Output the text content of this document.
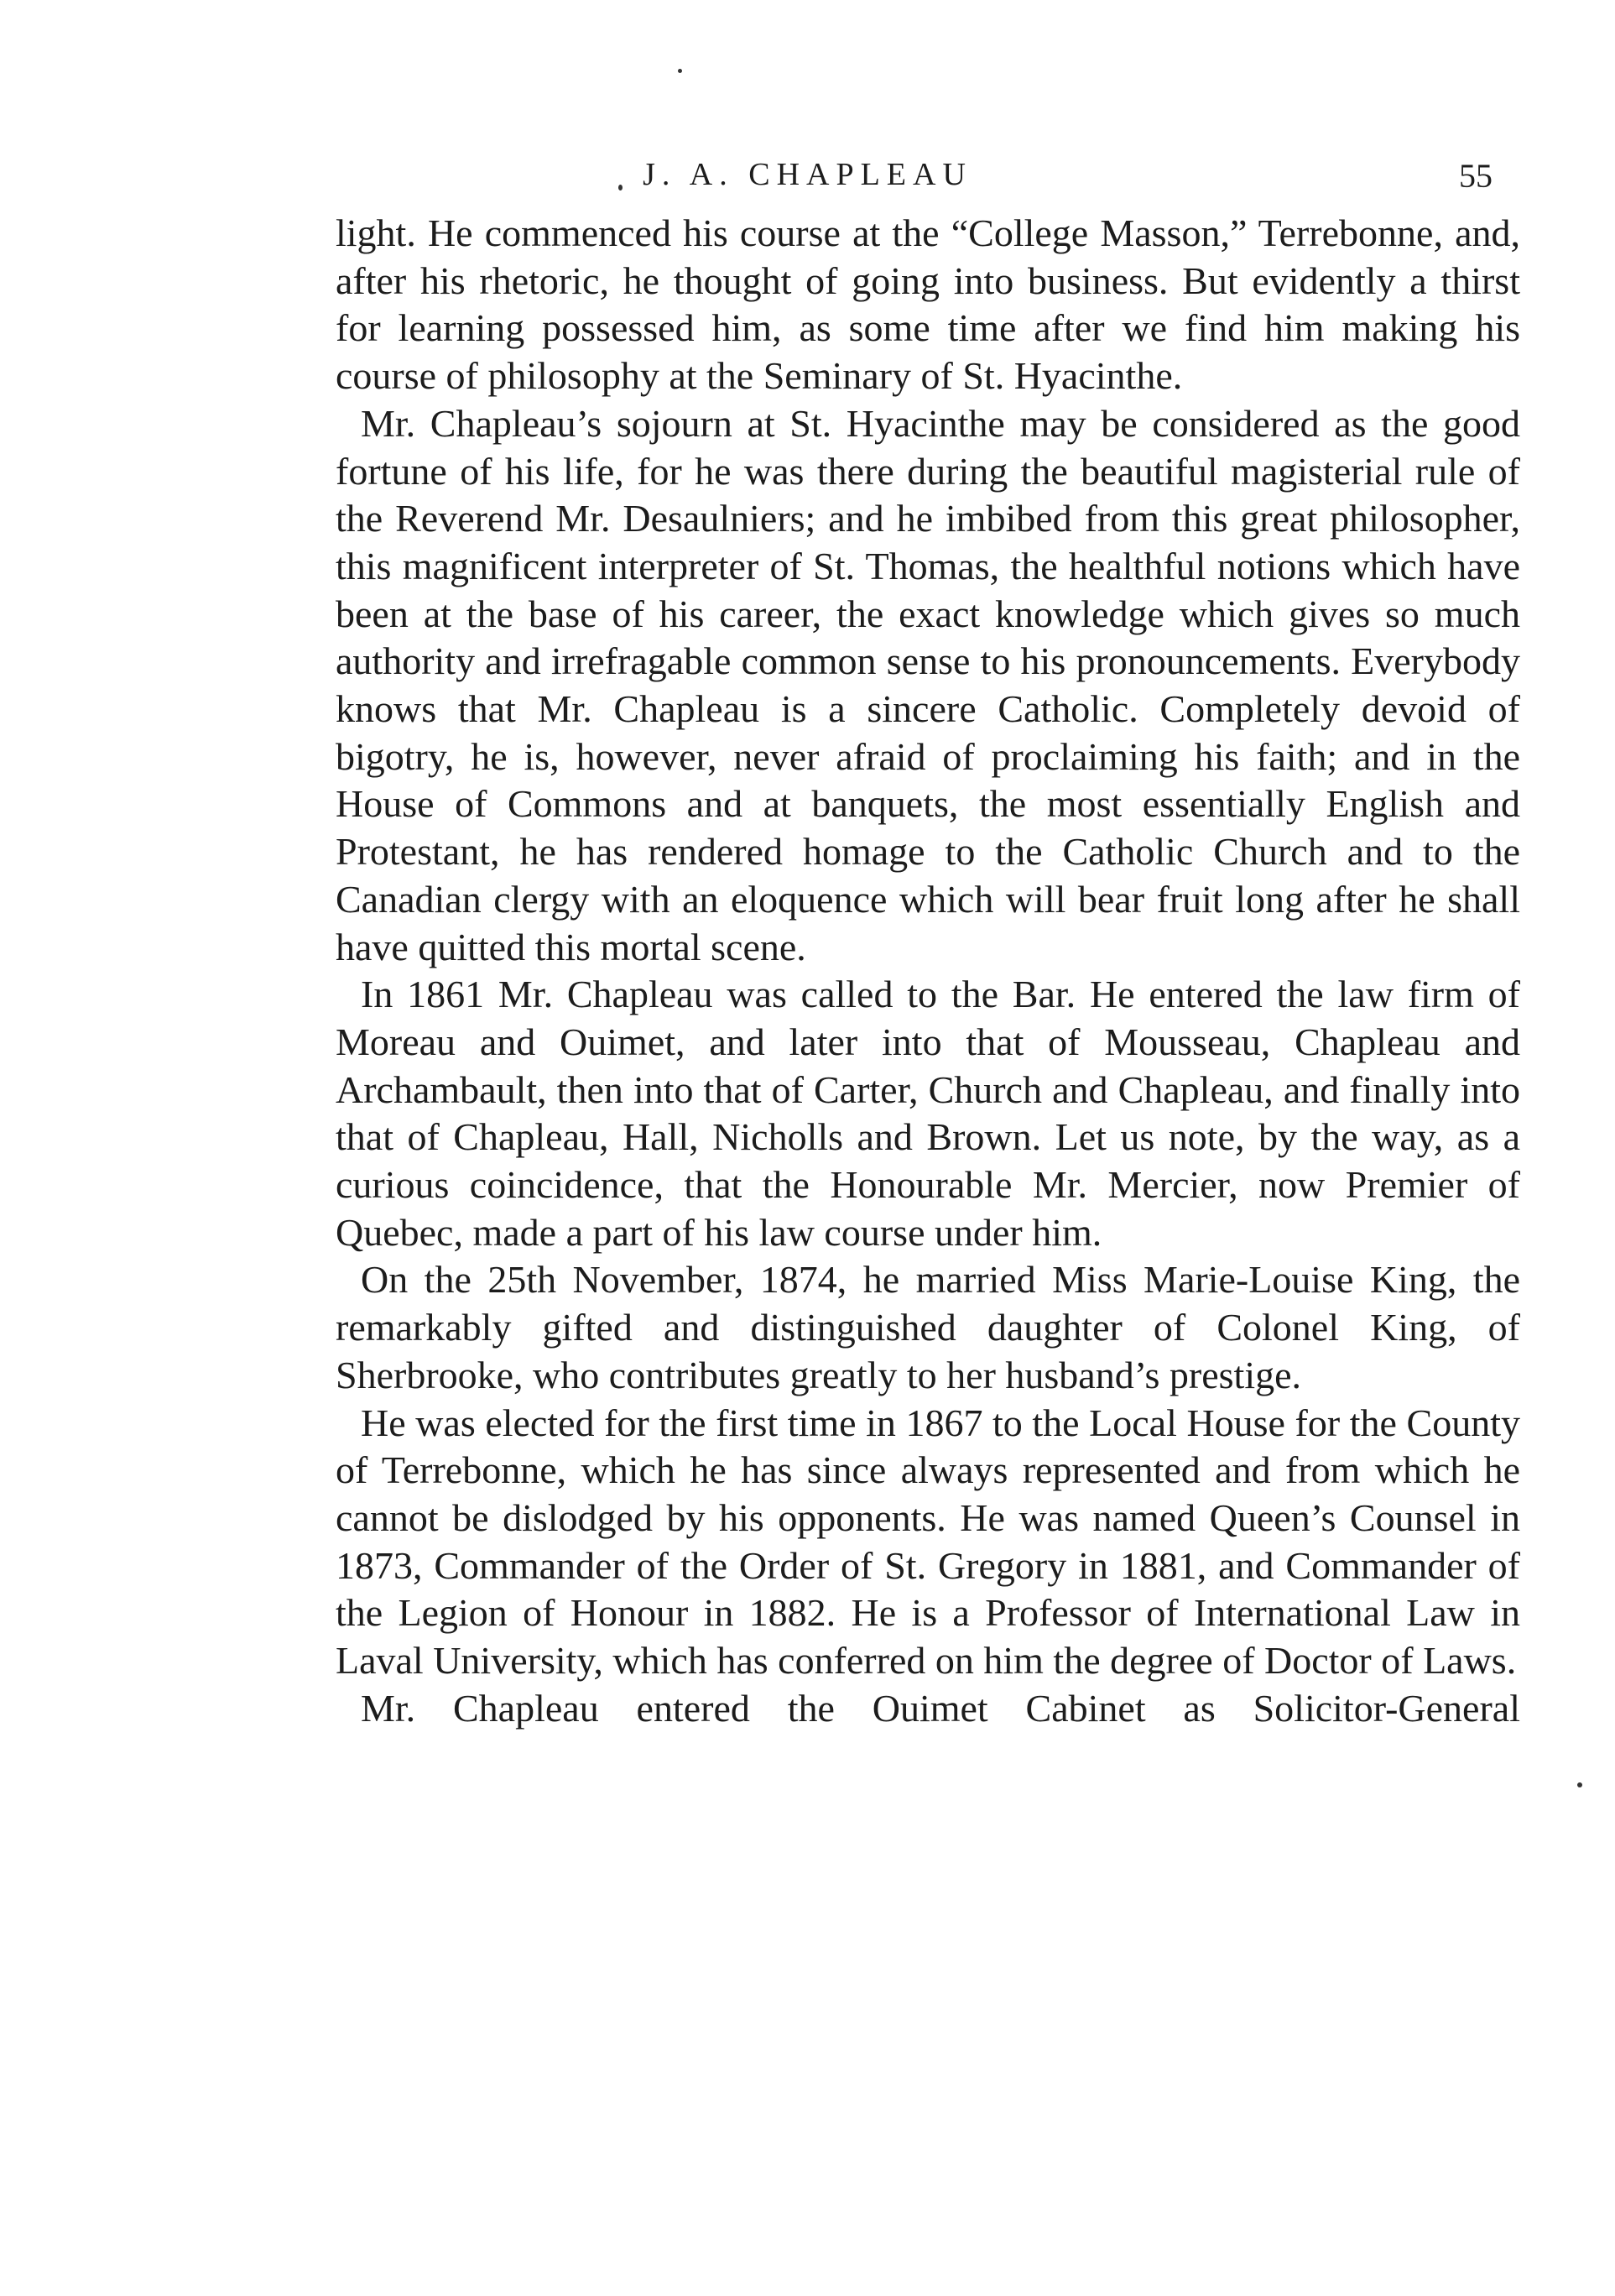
J. A. CHAPLEAU	55

light. He commenced his course at the “College Masson,” Terrebonne, and, after his rhetoric, he thought of going into business. But evidently a thirst for learning possessed him, as some time after we find him making his course of philosophy at the Seminary of St. Hyacinthe.

Mr. Chapleau’s sojourn at St. Hyacinthe may be considered as the good fortune of his life, for he was there during the beautiful magisterial rule of the Reverend Mr. Desaulniers; and he imbibed from this great philosopher, this magnificent interpreter of St. Thomas, the healthful notions which have been at the base of his career, the exact knowledge which gives so much authority and irrefragable common sense to his pronouncements. Everybody knows that Mr. Chapleau is a sincere Catholic. Completely devoid of bigotry, he is, however, never afraid of proclaiming his faith; and in the House of Commons and at banquets, the most essentially English and Protestant, he has rendered homage to the Catholic Church and to the Canadian clergy with an eloquence which will bear fruit long after he shall have quitted this mortal scene.

In 1861 Mr. Chapleau was called to the Bar. He entered the law firm of Moreau and Ouimet, and later into that of Mousseau, Chapleau and Archambault, then into that of Carter, Church and Chapleau, and finally into that of Chapleau, Hall, Nicholls and Brown. Let us note, by the way, as a curious coincidence, that the Honourable Mr. Mercier, now Premier of Quebec, made a part of his law course under him.

On the 25th November, 1874, he married Miss Marie-Louise King, the remarkably gifted and distinguished daughter of Colonel King, of Sherbrooke, who contributes greatly to her husband’s prestige.

He was elected for the first time in 1867 to the Local House for the County of Terrebonne, which he has since always represented and from which he cannot be dislodged by his opponents. He was named Queen’s Counsel in 1873, Commander of the Order of St. Gregory in 1881, and Commander of the Legion of Honour in 1882. He is a Professor of International Law in Laval University, which has conferred on him the degree of Doctor of Laws.

Mr. Chapleau entered the Ouimet Cabinet as Solicitor-General
